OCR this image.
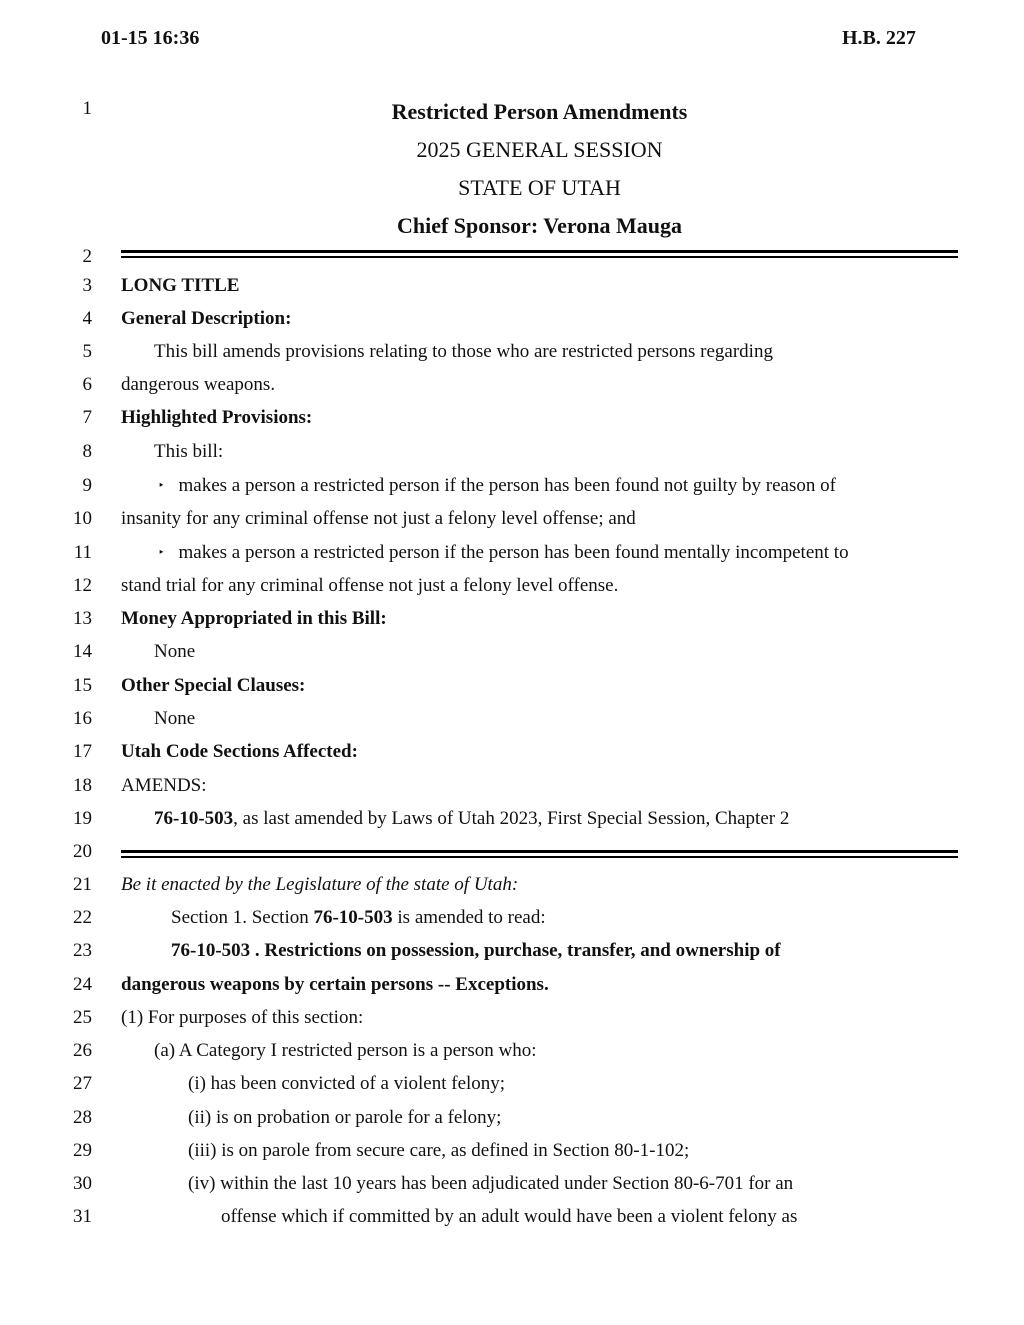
01-15 16:36	H.B. 227
1
2
3
4
5
6
7
8
9
10
11
12
13
14
15
16
17
18
19
20
21
22
23
24
25
26
27
28
29
30
31
Restricted Person Amendments
2025 GENERAL SESSION
STATE OF UTAH
Chief Sponsor: Verona Mauga
LONG TITLE
General Description:
This bill amends provisions relating to those who are restricted persons regarding
dangerous weapons.
Highlighted Provisions:
This bill:
‣ makes a person a restricted person if the person has been found not guilty by reason of
insanity for any criminal offense not just a felony level offense; and
‣ makes a person a restricted person if the person has been found mentally incompetent to
stand trial for any criminal offense not just a felony level offense.
Money Appropriated in this Bill:
None
Other Special Clauses:
None
Utah Code Sections Affected:
AMENDS:
76-10-503, as last amended by Laws of Utah 2023, First Special Session, Chapter 2
Be it enacted by the Legislature of the state of Utah:
Section 1. Section 76-10-503 is amended to read:
76-10-503 . Restrictions on possession, purchase, transfer, and ownership of
dangerous weapons by certain persons -- Exceptions.
(1) For purposes of this section:
(a) A Category I restricted person is a person who:
(i) has been convicted of a violent felony;
(ii) is on probation or parole for a felony;
(iii) is on parole from secure care, as defined in Section 80-1-102;
(iv) within the last 10 years has been adjudicated under Section 80-6-701 for an
offense which if committed by an adult would have been a violent felony as
